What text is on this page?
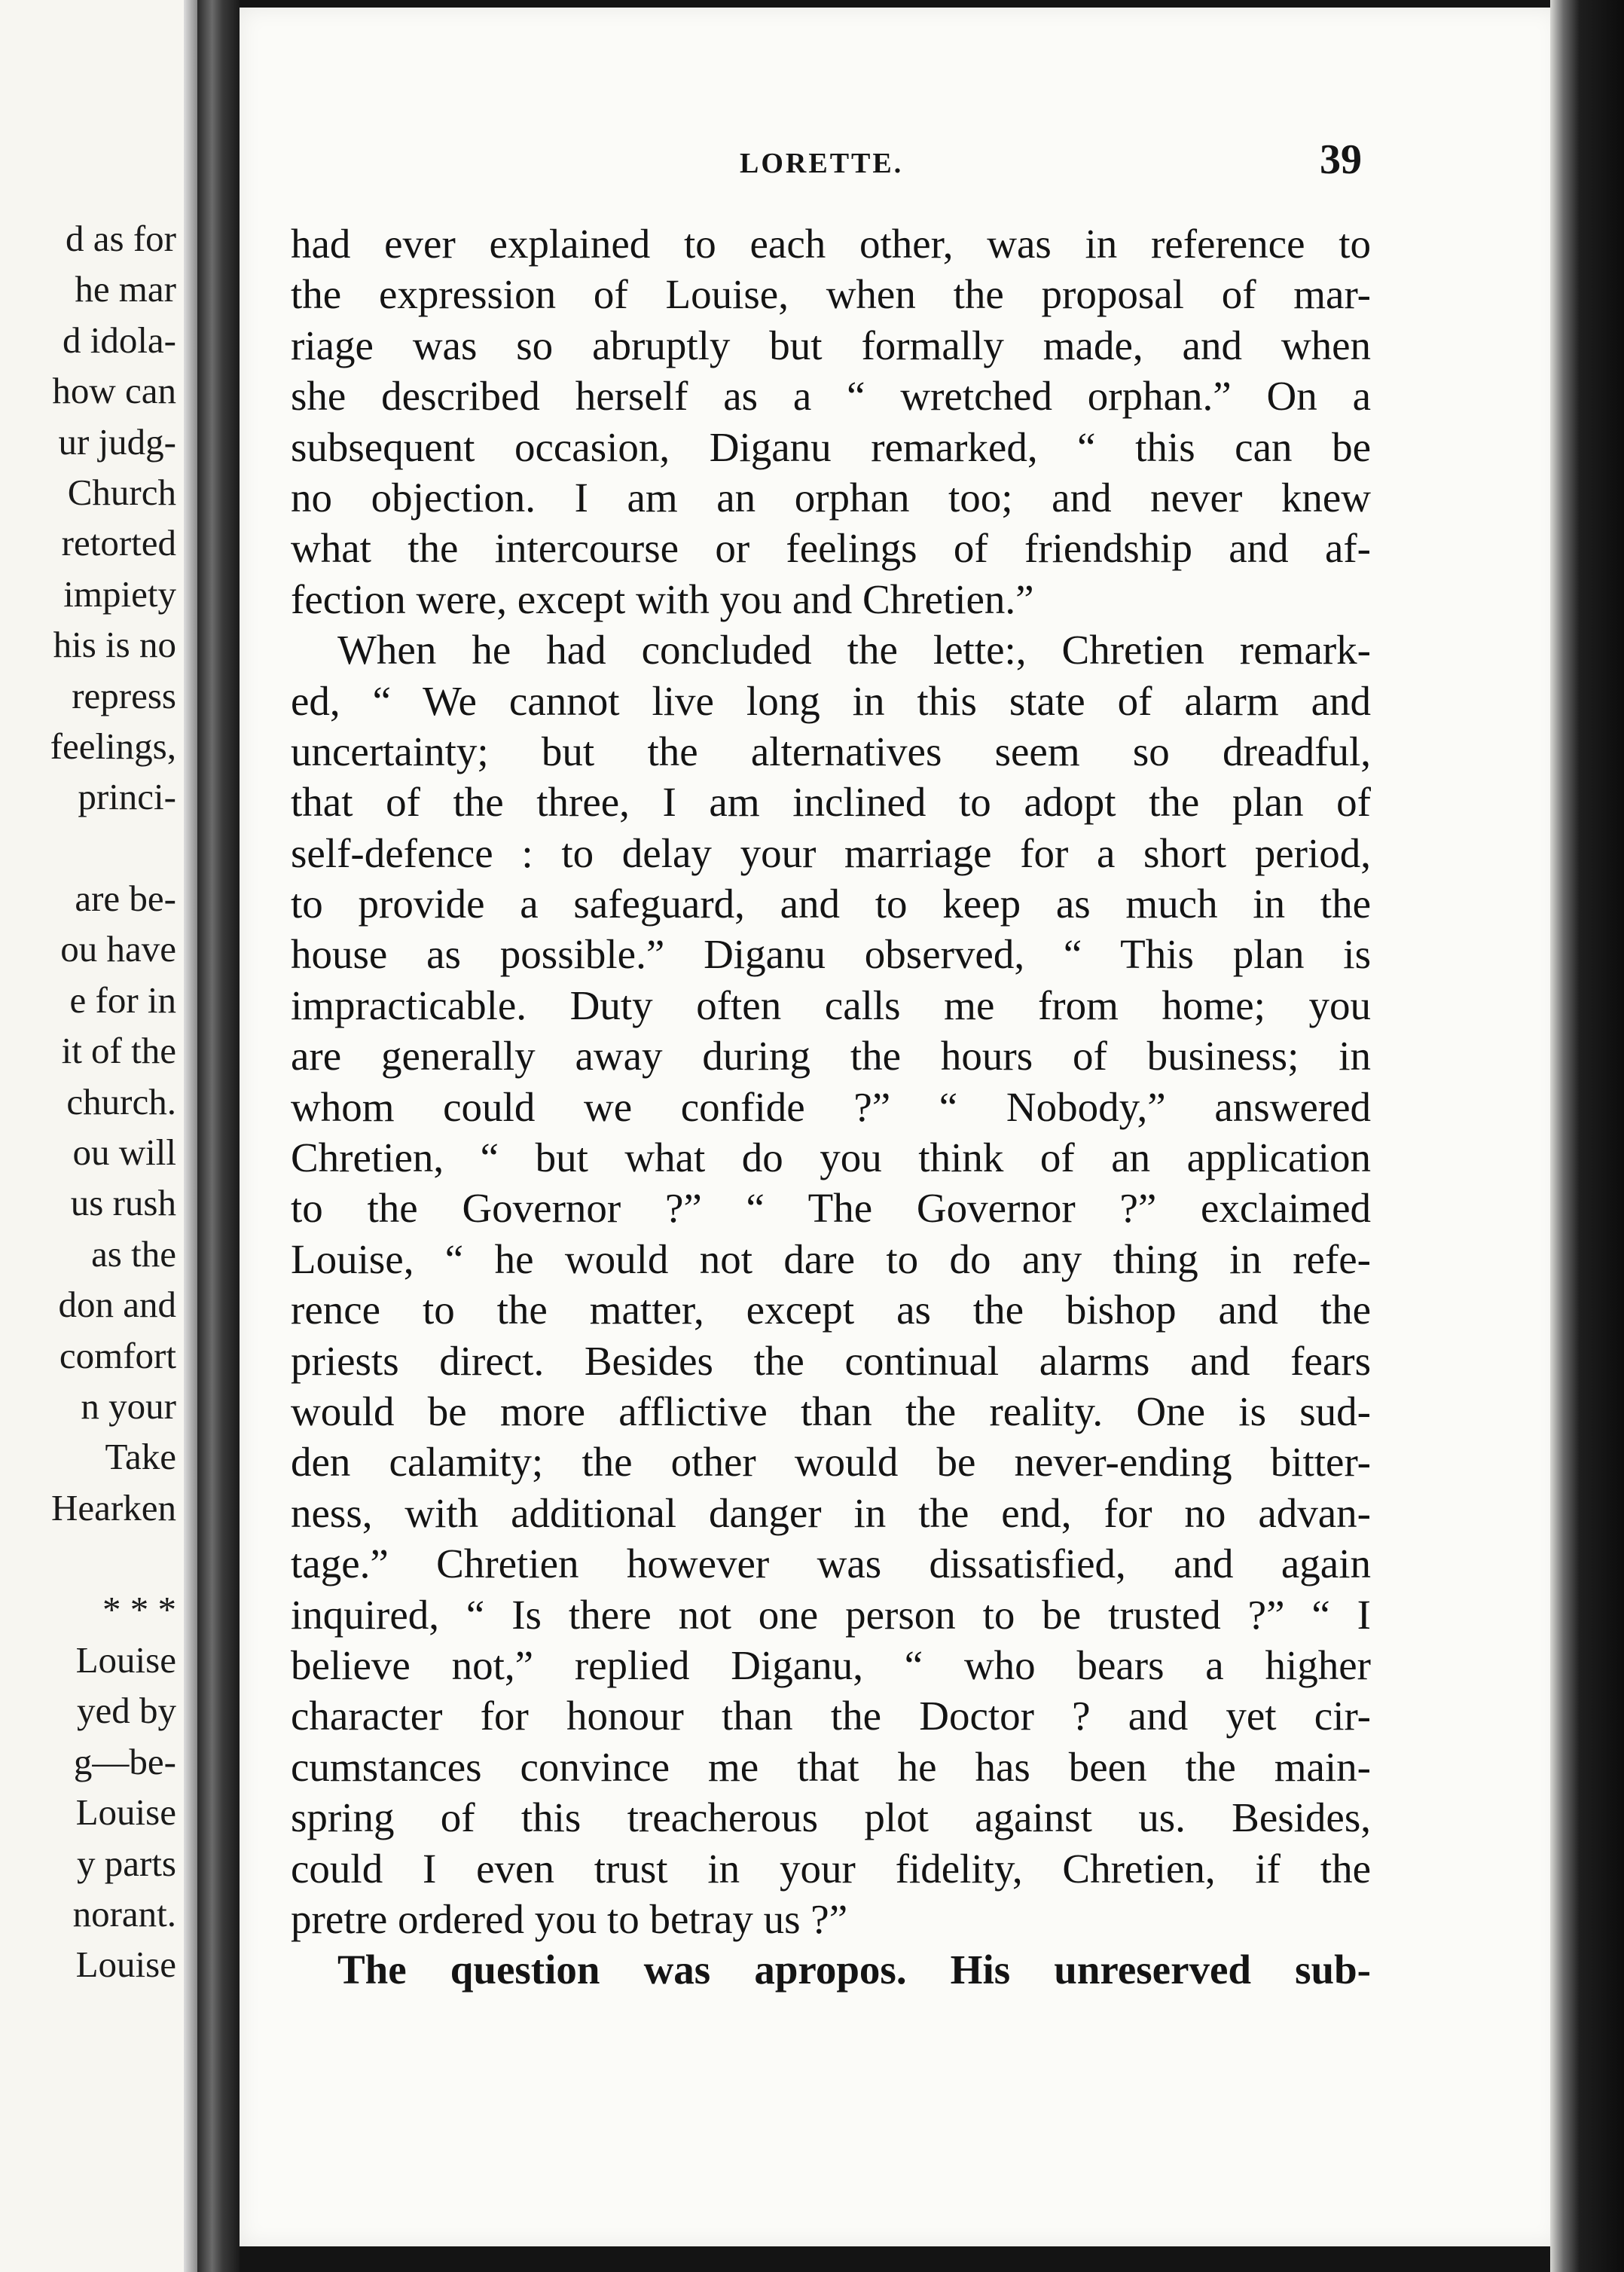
d as for
he mar
d idola-
how can
ur judg-
Church
retorted
impiety
his is no
repress
feelings,
princi-
are be-
ou have
e for in
it of the
church.
ou will
us rush
as the
don and
comfort
n your
Take
Hearken
* * *
Louise
yed by
g—be-
Louise
y parts
norant.
Louise
LORETTE.	39
had ever explained to each other, was in reference to
the expression of Louise, when the proposal of mar-
riage was so abruptly but formally made, and when
she described herself as a “ wretched orphan.” On a
subsequent occasion, Diganu remarked, “ this can be
no objection. I am an orphan too; and never knew
what the intercourse or feelings of friendship and af-
fection were, except with you and Chretien.”
When he had concluded the lette:, Chretien remark-
ed, “ We cannot live long in this state of alarm and
uncertainty; but the alternatives seem so dreadful,
that of the three, I am inclined to adopt the plan of
self-defence : to delay your marriage for a short period,
to provide a safeguard, and to keep as much in the
house as possible.” Diganu observed, “ This plan is
impracticable. Duty often calls me from home; you
are generally away during the hours of business; in
whom could we confide ?” “ Nobody,” answered
Chretien, “ but what do you think of an application
to the Governor ?” “ The Governor ?” exclaimed
Louise, “ he would not dare to do any thing in refe-
rence to the matter, except as the bishop and the
priests direct. Besides the continual alarms and fears
would be more afflictive than the reality. One is sud-
den calamity; the other would be never-ending bitter-
ness, with additional danger in the end, for no advan-
tage.” Chretien however was dissatisfied, and again
inquired, “ Is there not one person to be trusted ?” “ I
believe not,” replied Diganu, “ who bears a higher
character for honour than the Doctor ? and yet cir-
cumstances convince me that he has been the main-
spring of this treacherous plot against us. Besides,
could I even trust in your fidelity, Chretien, if the
pretre ordered you to betray us ?”
The question was apropos. His unreserved sub-
